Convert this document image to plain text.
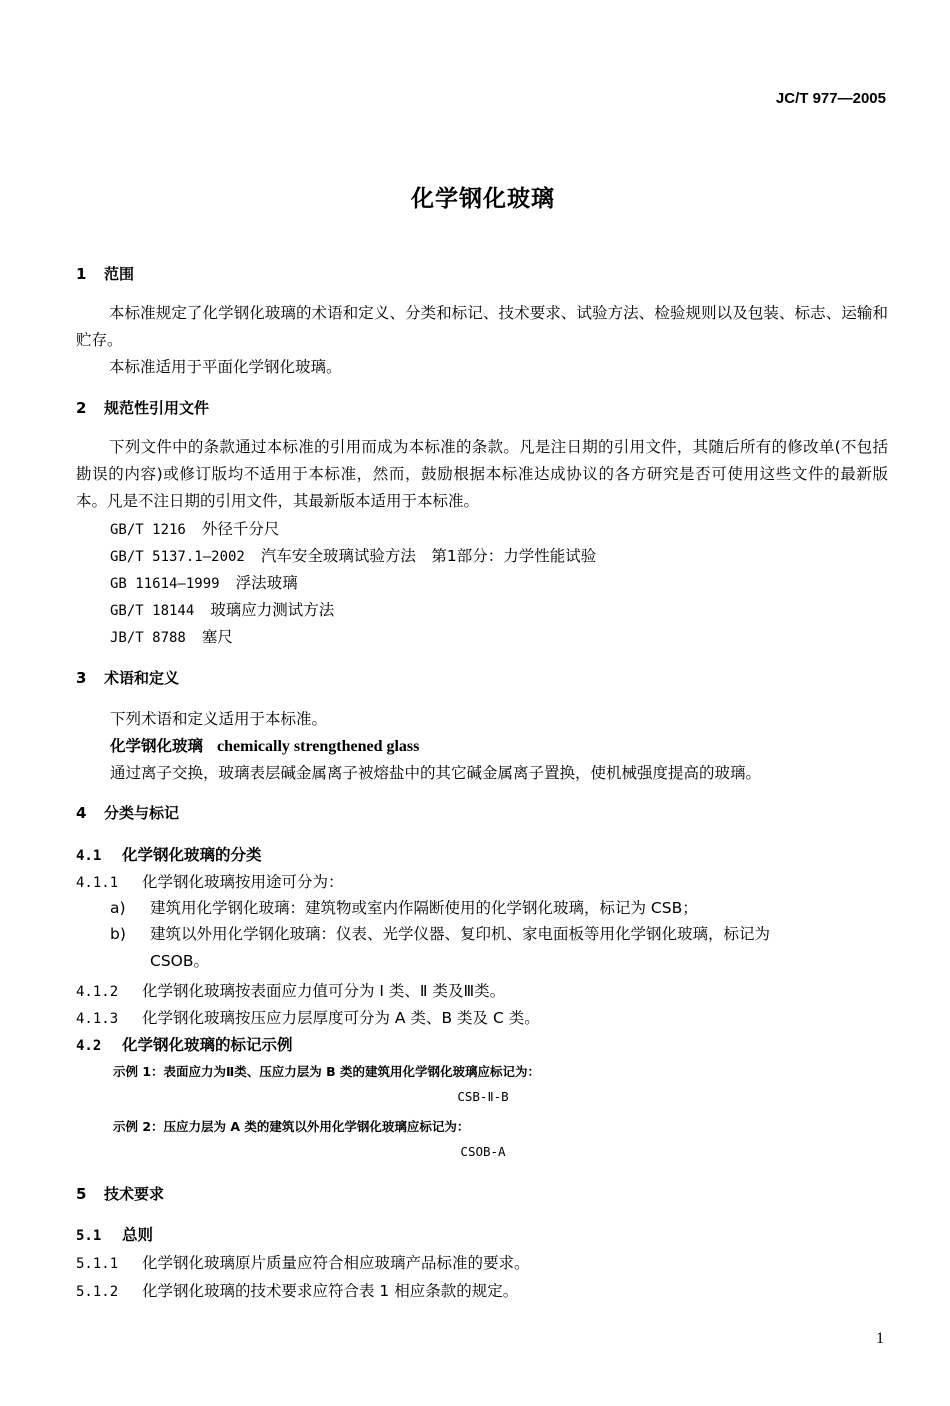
JC/T 977—2005
化学钢化玻璃
1 范围
本标准规定了化学钢化玻璃的术语和定义、分类和标记、技术要求、试验方法、检验规则以及包装、标志、运输和贮存。
本标准适用于平面化学钢化玻璃。
2 规范性引用文件
下列文件中的条款通过本标准的引用而成为本标准的条款。凡是注日期的引用文件，其随后所有的修改单(不包括勘误的内容)或修订版均不适用于本标准，然而，鼓励根据本标准达成协议的各方研究是否可使用这些文件的最新版本。凡是不注日期的引用文件，其最新版本适用于本标准。
GB/T 1216 外径千分尺
GB/T 5137.1—2002 汽车安全玻璃试验方法　第1部分：力学性能试验
GB 11614—1999 浮法玻璃
GB/T 18144 玻璃应力测试方法
JB/T 8788 塞尺
3 术语和定义
下列术语和定义适用于本标准。
化学钢化玻璃 chemically strengthened glass
通过离子交换，玻璃表层碱金属离子被熔盐中的其它碱金属离子置换，使机械强度提高的玻璃。
4 分类与标记
4.1 化学钢化玻璃的分类
4.1.1 化学钢化玻璃按用途可分为：
a) 建筑用化学钢化玻璃：建筑物或室内作隔断使用的化学钢化玻璃，标记为 CSB；
b) 建筑以外用化学钢化玻璃：仪表、光学仪器、复印机、家电面板等用化学钢化玻璃，标记为
CSOB。
4.1.2 化学钢化玻璃按表面应力值可分为 Ⅰ 类、Ⅱ 类及Ⅲ类。
4.1.3 化学钢化玻璃按压应力层厚度可分为 A 类、B 类及 C 类。
4.2 化学钢化玻璃的标记示例
示例 1：表面应力为Ⅱ类、压应力层为 B 类的建筑用化学钢化玻璃应标记为：
CSB-Ⅱ-B
示例 2：压应力层为 A 类的建筑以外用化学钢化玻璃应标记为：
CSOB-A
5 技术要求
5.1 总则
5.1.1 化学钢化玻璃原片质量应符合相应玻璃产品标准的要求。
5.1.2 化学钢化玻璃的技术要求应符合表 1 相应条款的规定。
1
